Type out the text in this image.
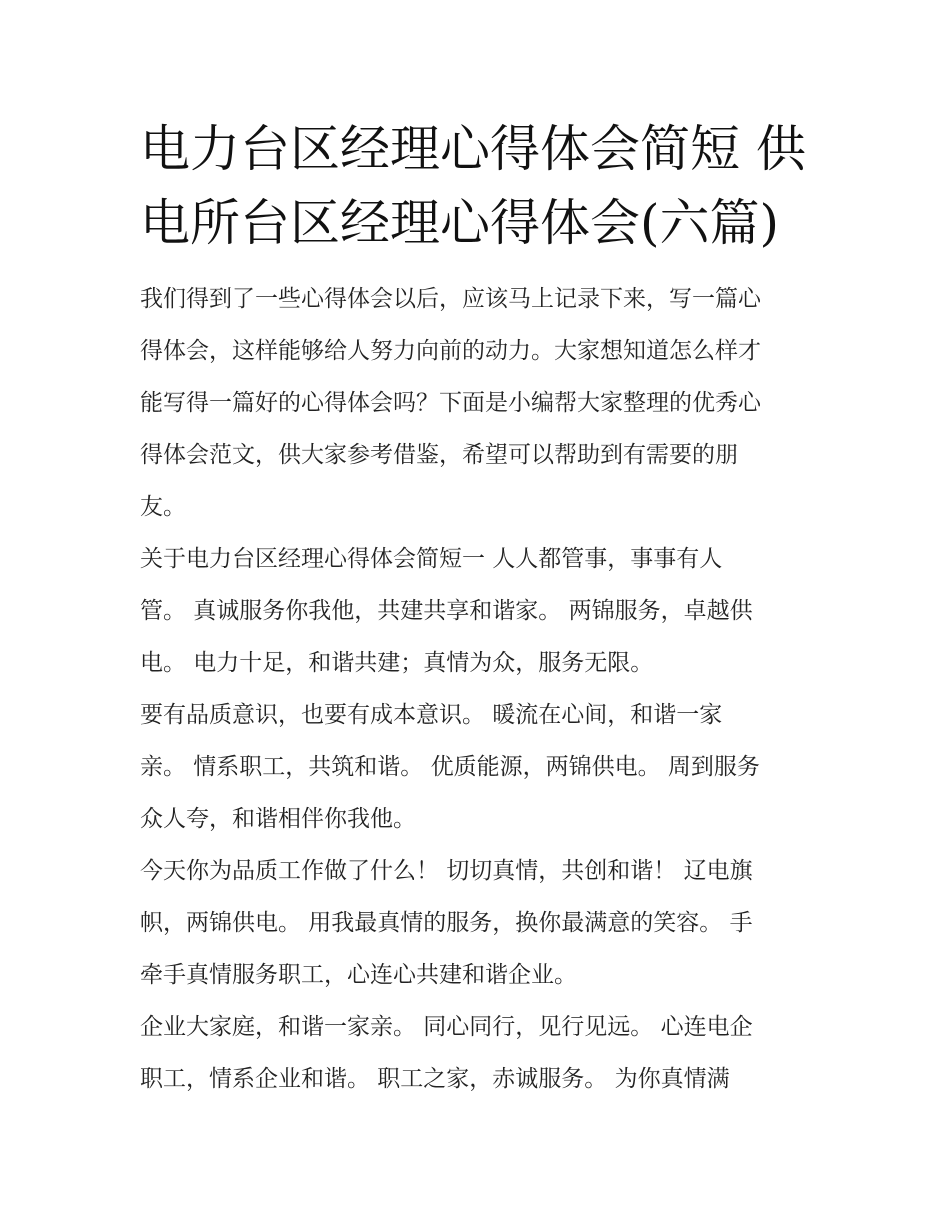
电力台区经理心得体会简短 供
电所台区经理心得体会(六篇)

我们得到了一些心得体会以后，应该马上记录下来，写一篇心

得体会，这样能够给人努力向前的动力。大家想知道怎么样才

能写得一篇好的心得体会吗？下面是小编帮大家整理的优秀心

得体会范文，供大家参考借鉴，希望可以帮助到有需要的朋

友。

关于电力台区经理心得体会简短一 人人都管事，事事有人

管。 真诚服务你我他，共建共享和谐家。 两锦服务，卓越供

电。 电力十足，和谐共建；真情为众，服务无限。

要有品质意识，也要有成本意识。 暖流在心间，和谐一家

亲。 情系职工，共筑和谐。 优质能源，两锦供电。 周到服务

众人夸，和谐相伴你我他。

今天你为品质工作做了什么！ 切切真情，共创和谐！ 辽电旗

帜，两锦供电。 用我最真情的服务，换你最满意的笑容。 手

牵手真情服务职工，心连心共建和谐企业。

企业大家庭，和谐一家亲。 同心同行，见行见远。 心连电企

职工，情系企业和谐。 职工之家，赤诚服务。 为你真情满
